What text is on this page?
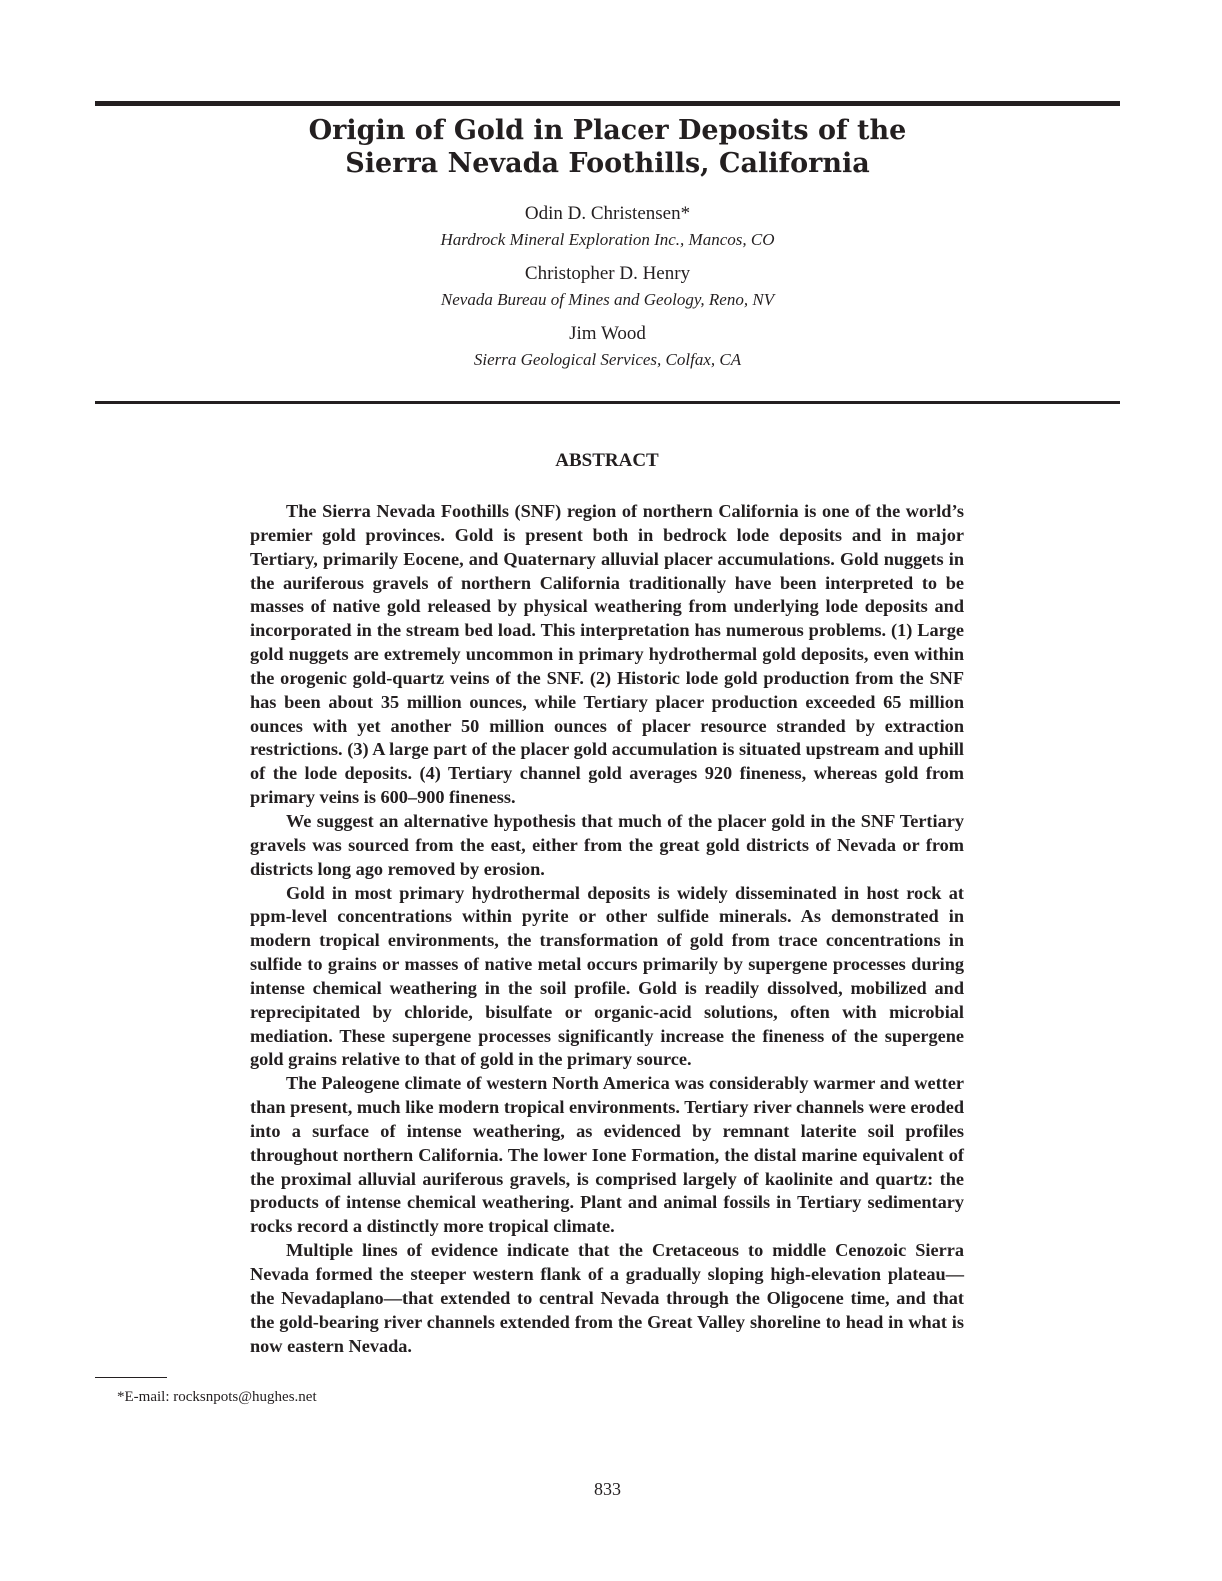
Origin of Gold in Placer Deposits of the
Sierra Nevada Foothills, California
Odin D. Christensen*
Hardrock Mineral Exploration Inc., Mancos, CO
Christopher D. Henry
Nevada Bureau of Mines and Geology, Reno, NV
Jim Wood
Sierra Geological Services, Colfax, CA
ABSTRACT

The Sierra Nevada Foothills (SNF) region of northern California is one of the world’s premier gold provinces. Gold is present both in bedrock lode deposits and in major Tertiary, primarily Eocene, and Quaternary alluvial placer accumulations. Gold nuggets in the auriferous gravels of northern California traditionally have been interpreted to be masses of native gold released by physical weathering from underlying lode deposits and incorporated in the stream bed load. This interpretation has numerous problems. (1) Large gold nuggets are extremely uncommon in primary hydrothermal gold deposits, even within the orogenic gold-quartz veins of the SNF. (2) Historic lode gold production from the SNF has been about 35 million ounces, while Tertiary placer production exceeded 65 million ounces with yet another 50 million ounces of placer resource stranded by extraction restrictions. (3) A large part of the placer gold accumulation is situated upstream and uphill of the lode deposits. (4) Tertiary channel gold averages 920 fineness, whereas gold from primary veins is 600–900 fineness.

We suggest an alternative hypothesis that much of the placer gold in the SNF Tertiary gravels was sourced from the east, either from the great gold districts of Nevada or from districts long ago removed by erosion.

Gold in most primary hydrothermal deposits is widely disseminated in host rock at ppm-level concentrations within pyrite or other sulfide minerals. As demonstrated in modern tropical environments, the transformation of gold from trace concentrations in sulfide to grains or masses of native metal occurs primarily by supergene processes during intense chemical weathering in the soil profile. Gold is readily dissolved, mobilized and reprecipitated by chloride, bisulfate or organic-acid solutions, often with microbial mediation. These supergene processes significantly increase the fineness of the supergene gold grains relative to that of gold in the primary source.

The Paleogene climate of western North America was considerably warmer and wetter than present, much like modern tropical environments. Tertiary river channels were eroded into a surface of intense weathering, as evidenced by remnant laterite soil profiles throughout northern California. The lower Ione Formation, the distal marine equivalent of the proximal alluvial auriferous gravels, is comprised largely of kaolinite and quartz: the products of intense chemical weathering. Plant and animal fossils in Tertiary sedimentary rocks record a distinctly more tropical climate.

Multiple lines of evidence indicate that the Cretaceous to middle Cenozoic Sierra Nevada formed the steeper western flank of a gradually sloping high-elevation plateau—the Nevadaplano—that extended to central Nevada through the Oligocene time, and that the gold-bearing river channels extended from the Great Valley shoreline to head in what is now eastern Nevada.

*E-mail: rocksnpots@hughes.net

833
